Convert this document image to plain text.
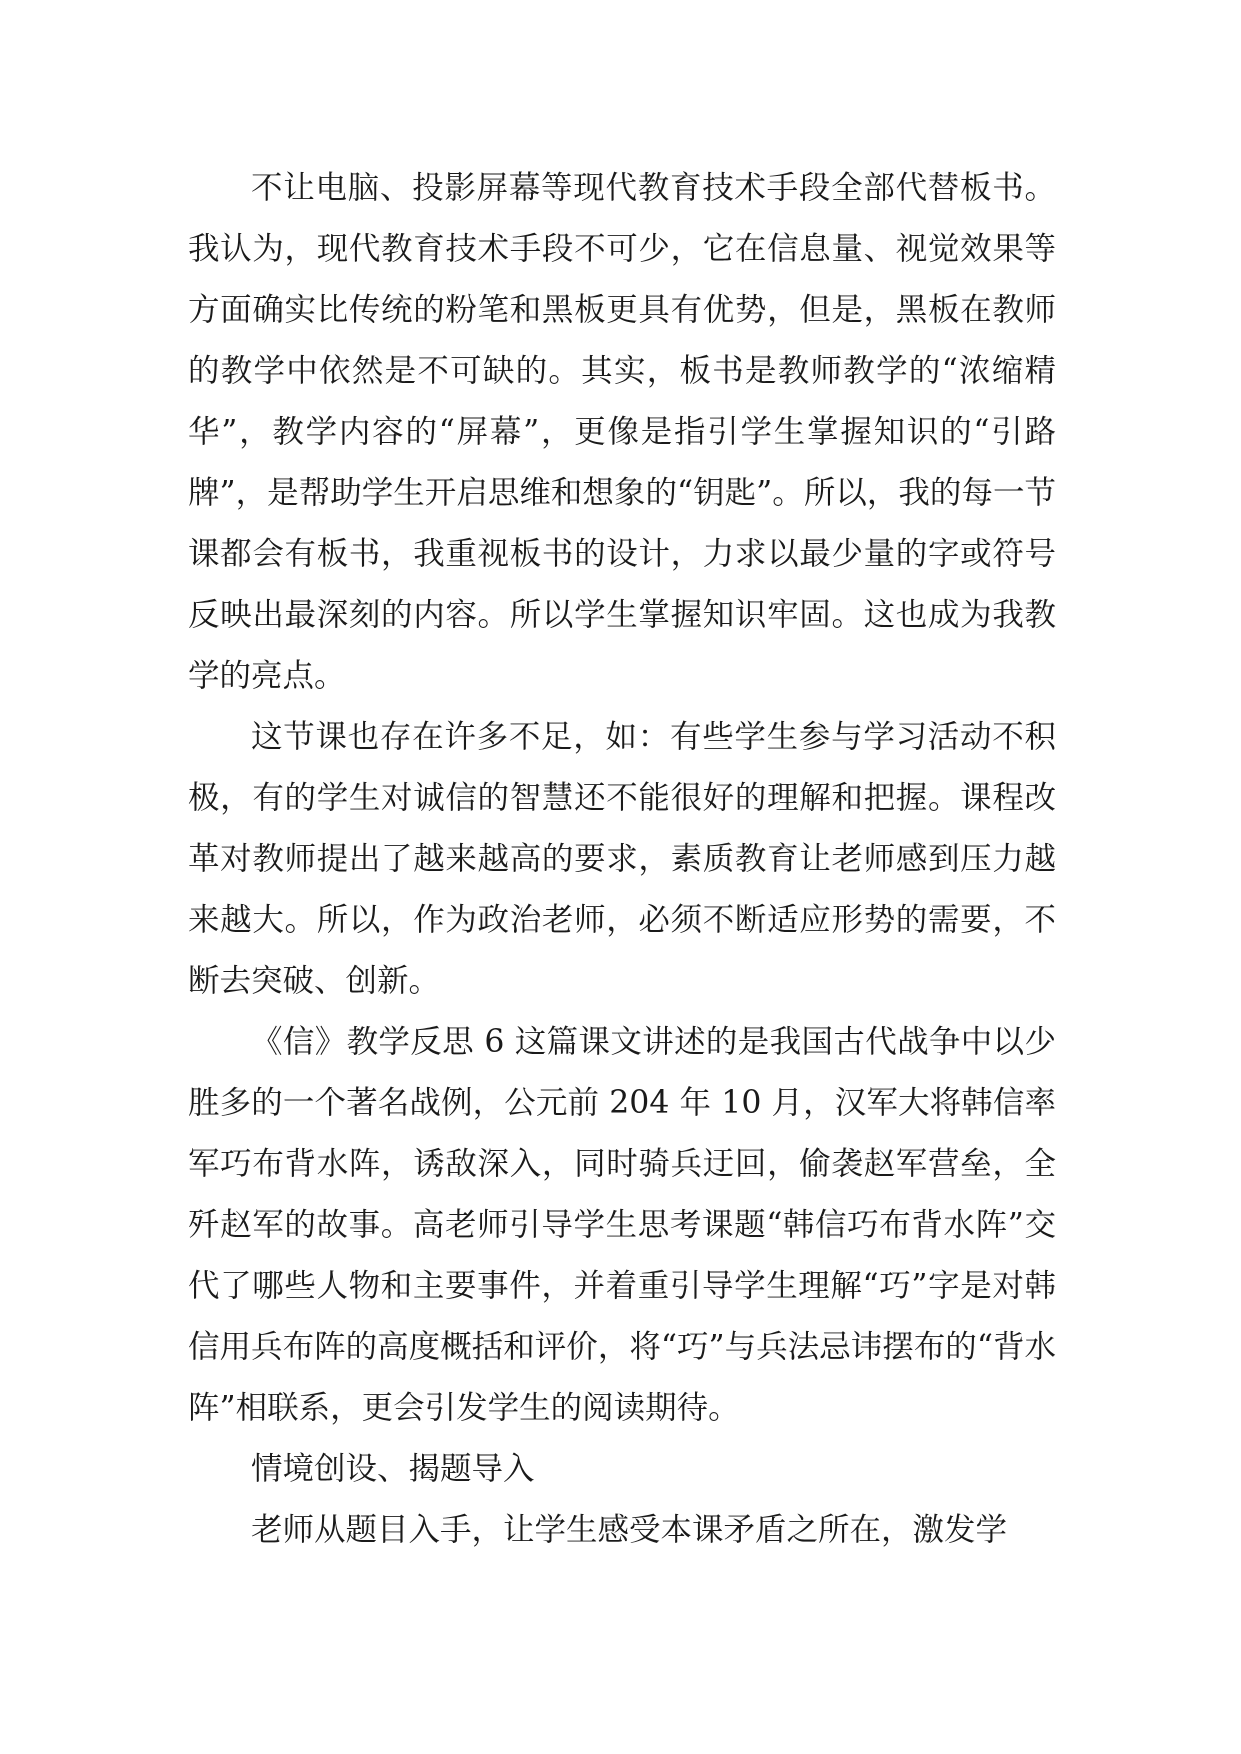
不让电脑、投影屏幕等现代教育技术手段全部代替板书。我认为，现代教育技术手段不可少，它在信息量、视觉效果等方面确实比传统的粉笔和黑板更具有优势，但是，黑板在教师的教学中依然是不可缺的。其实，板书是教师教学的“浓缩精华”，教学内容的“屏幕”，更像是指引学生掌握知识的“引路牌”，是帮助学生开启思维和想象的“钥匙”。所以，我的每一节课都会有板书，我重视板书的设计，力求以最少量的字或符号反映出最深刻的内容。所以学生掌握知识牢固。这也成为我教学的亮点。

这节课也存在许多不足，如：有些学生参与学习活动不积极，有的学生对诚信的智慧还不能很好的理解和把握。课程改革对教师提出了越来越高的要求，素质教育让老师感到压力越来越大。所以，作为政治老师，必须不断适应形势的需要，不断去突破、创新。

《信》教学反思 6 这篇课文讲述的是我国古代战争中以少胜多的一个著名战例，公元前 204 年 10 月，汉军大将韩信率军巧布背水阵，诱敌深入，同时骑兵迂回，偷袭赵军营垒，全歼赵军的故事。高老师引导学生思考课题“韩信巧布背水阵”交代了哪些人物和主要事件，并着重引导学生理解“巧”字是对韩信用兵布阵的高度概括和评价，将“巧”与兵法忌讳摆布的“背水阵”相联系，更会引发学生的阅读期待。

情境创设、揭题导入

老师从题目入手，让学生感受本课矛盾之所在，激发学
